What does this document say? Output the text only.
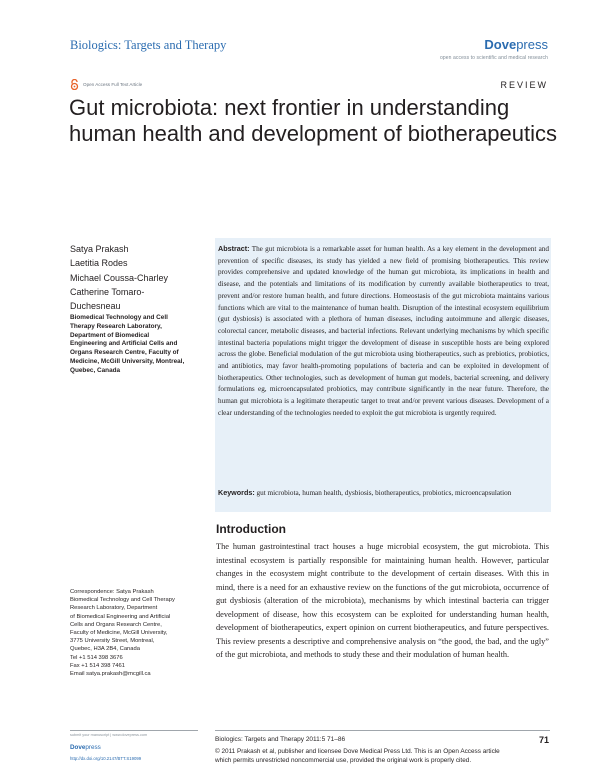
Biologics: Targets and Therapy	Dovepress
open access to scientific and medical research
Open Access Full Text Article	REVIEW
Gut microbiota: next frontier in understanding
human health and development of biotherapeutics
Satya Prakash
Laetitia Rodes
Michael Coussa-Charley
Catherine Tomaro-
Duchesneau
Biomedical Technology and Cell
Therapy Research Laboratory,
Department of Biomedical
Engineering and Artificial Cells and
Organs Research Centre, Faculty of
Medicine, McGill University, Montreal,
Quebec, Canada
Abstract: The gut microbiota is a remarkable asset for human health. As a key element in the development and prevention of specific diseases, its study has yielded a new field of promising biotherapeutics. This review provides comprehensive and updated knowledge of the human gut microbiota, its implications in health and disease, and the potentials and limitations of its modification by currently available biotherapeutics to treat, prevent and/or restore human health, and future directions. Homeostasis of the gut microbiota maintains various functions which are vital to the maintenance of human health. Disruption of the intestinal ecosystem equilibrium (gut dysbiosis) is associated with a plethora of human diseases, including autoimmune and allergic diseases, colorectal cancer, metabolic diseases, and bacterial infections. Relevant underlying mechanisms by which specific intestinal bacteria populations might trigger the development of disease in susceptible hosts are being explored across the globe. Beneficial modulation of the gut microbiota using biotherapeutics, such as prebiotics, probiotics, and antibiotics, may favor health-promoting populations of bacteria and can be exploited in development of biotherapeutics. Other technologies, such as development of human gut models, bacterial screening, and delivery formulations eg, microencapsulated probiotics, may contribute significantly in the near future. Therefore, the human gut microbiota is a legitimate therapeutic target to treat and/or prevent various diseases. Development of a clear understanding of the technologies needed to exploit the gut microbiota is urgently required.
Keywords: gut microbiota, human health, dysbiosis, biotherapeutics, probiotics, microencapsulation
Introduction
The human gastrointestinal tract houses a huge microbial ecosystem, the gut microbiota. This intestinal ecosystem is partially responsible for maintaining human health. However, particular changes in the ecosystem might contribute to the development of certain diseases. With this in mind, there is a need for an exhaustive review on the functions of the gut microbiota, occurrence of gut dysbiosis (alteration of the microbiota), mechanisms by which intestinal bacteria can trigger development of disease, how this ecosystem can be exploited for understanding human health, development of biotherapeutics, expert opinion on current biotherapeutics, and future perspectives. This review presents a descriptive and comprehensive analysis on “the good, the bad, and the ugly” of the gut microbiota, and methods to study these and their modulation of human health.
Correspondence: Satya Prakash
Biomedical Technology and Cell Therapy
Research Laboratory, Department
of Biomedical Engineering and Artificial
Cells and Organs Research Centre,
Faculty of Medicine, McGill University,
3775 University Street, Montreal,
Quebec, H3A 2B4, Canada
Tel +1 514 398 3676
Fax +1 514 398 7461
Email satya.prakash@mcgill.ca
submit your manuscript | www.dovepress.com
Dovepress
http://dx.doi.org/10.2147/BTT.S19099
Biologics: Targets and Therapy 2011:5 71–86	71
© 2011 Prakash et al, publisher and licensee Dove Medical Press Ltd. This is an Open Access article
which permits unrestricted noncommercial use, provided the original work is properly cited.
